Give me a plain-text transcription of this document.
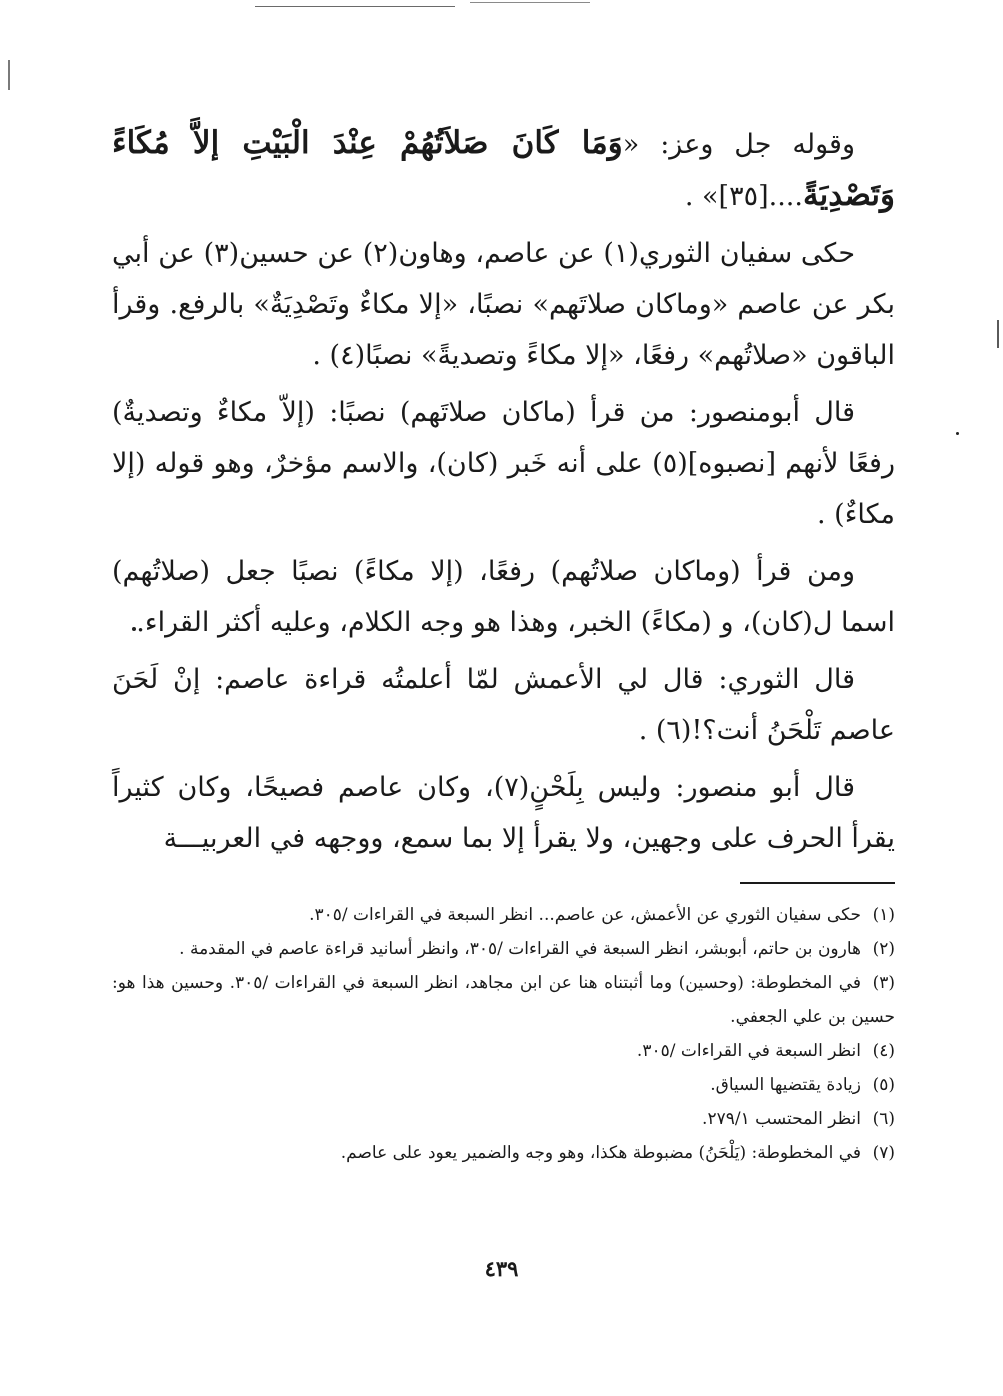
وقوله جل وعز: «وَمَا كَانَ صَلاَتُهُمْ عِنْدَ الْبَيْتِ إلاَّ مُكَاءً وَتَصْدِيَةً....[٣٥]» .

حكى سفيان الثوري(١) عن عاصم، وهاون(٢) عن حسين(٣) عن أبي بكر عن عاصم «وماكان صلاتَهم» نصبًا، «إلا مكاءٌ وتَصْدِيَةٌ» بالرفع. وقرأ الباقون «صلاتُهم» رفعًا، «إلا مكاءً وتصديةً» نصبًا(٤) .

قال أبومنصور: من قرأ (ماكان صلاتَهم) نصبًا: (إلاّ مكاءٌ وتصديةٌ) رفعًا لأنهم [نصبوه](٥) على أنه خَبر (كان)، والاسم مؤخرٌ، وهو قوله (إلا مكاءٌ) .

ومن قرأ (وماكان صلاتُهم) رفعًا، (إلا مكاءً) نصبًا جعل (صلاتُهم) اسما ل(كان)، و (مكاءً) الخبر، وهذا هو وجه الكلام، وعليه أكثر القراء.

قال الثوري: قال لي الأعمش لمّا أعلمتُه قراءة عاصم: إنْ لَحَنَ عاصم تَلْحَنُ أنت؟!(٦) .

قال أبو منصور: وليس بِلَحْنٍ(٧)، وكان عاصم فصيحًا، وكان كثيراً يقرأ الحرف على وجهين، ولا يقرأ إلا بما سمع، ووجهه في العربيـــة

(١)حكى سفيان الثوري عن الأعمش، عن عاصم... انظر السبعة في القراءات /٣٠٥.

(٢)هارون بن حاتم، أبوبشر، انظر السبعة في القراءات /٣٠٥، وانظر أسانيد قراءة عاصم في المقدمة .

(٣)في المخطوطة: (وحسين) وما أثبتناه هنا عن ابن مجاهد، انظر السبعة في القراءات /٣٠٥. وحسين هذا هو: حسين بن علي الجعفي.

(٤)انظر السبعة في القراءات /٣٠٥.

(٥)زيادة يقتضيها السياق.

(٦)انظر المحتسب ٢٧٩/١.

(٧)في المخطوطة: (يَلْحَنُ) مضبوطة هكذا، وهو وجه والضمير يعود على عاصم.

٤٣٩
